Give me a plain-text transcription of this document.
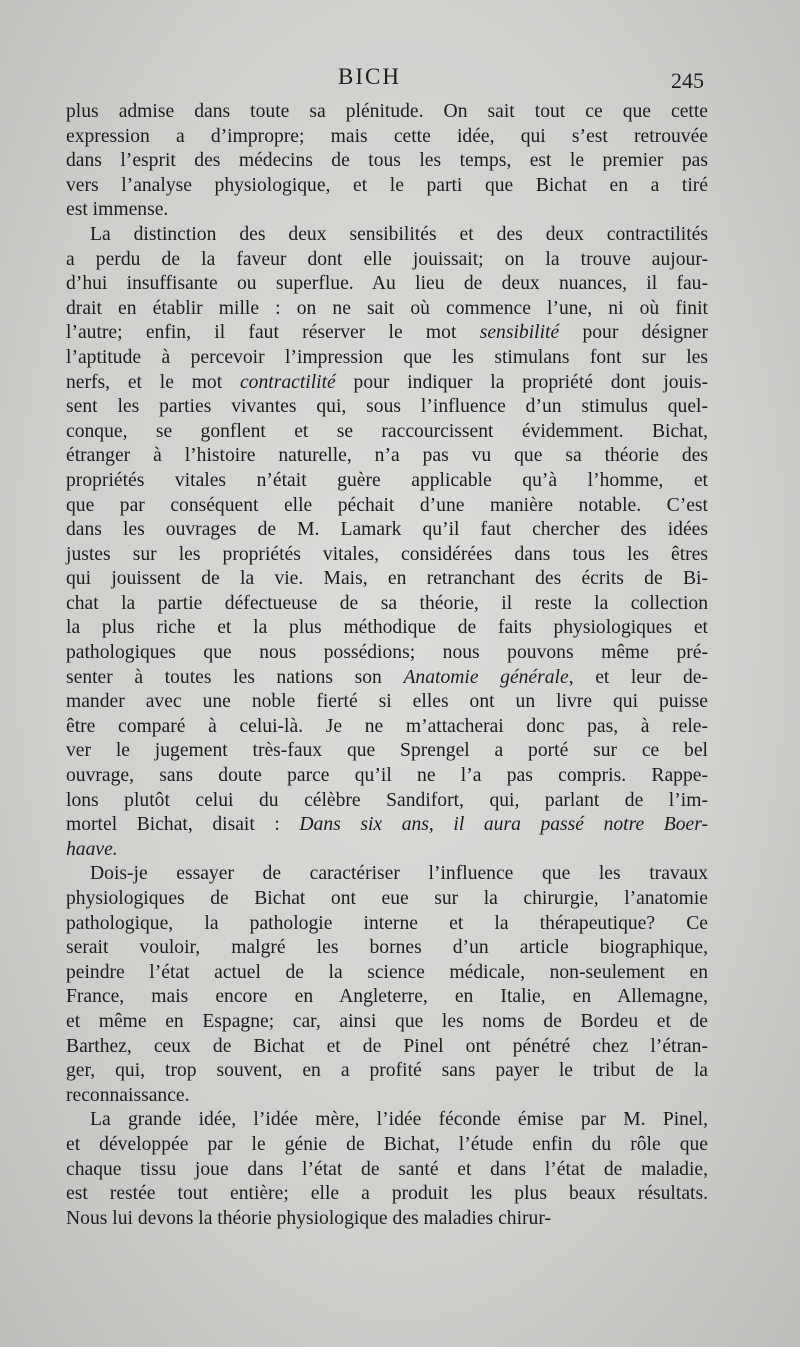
BICH	245

plus admise dans toute sa plénitude. On sait tout ce que cette
expression a d’impropre; mais cette idée, qui s’est retrouvée
dans l’esprit des médecins de tous les temps, est le premier pas
vers l’analyse physiologique, et le parti que Bichat en a tiré
est immense.

La distinction des deux sensibilités et des deux contractilités
a perdu de la faveur dont elle jouissait; on la trouve aujour-
d’hui insuffisante ou superflue. Au lieu de deux nuances, il fau-
drait en établir mille : on ne sait où commence l’une, ni où finit
l’autre; enfin, il faut réserver le mot sensibilité pour désigner
l’aptitude à percevoir l’impression que les stimulans font sur les
nerfs, et le mot contractilité pour indiquer la propriété dont jouis-
sent les parties vivantes qui, sous l’influence d’un stimulus quel-
conque, se gonflent et se raccourcissent évidemment. Bichat,
étranger à l’histoire naturelle, n’a pas vu que sa théorie des
propriétés vitales n’était guère applicable qu’à l’homme, et
que par conséquent elle péchait d’une manière notable. C’est
dans les ouvrages de M. Lamark qu’il faut chercher des idées
justes sur les propriétés vitales, considérées dans tous les êtres
qui jouissent de la vie. Mais, en retranchant des écrits de Bi-
chat la partie défectueuse de sa théorie, il reste la collection
la plus riche et la plus méthodique de faits physiologiques et
pathologiques que nous possédions; nous pouvons même pré-
senter à toutes les nations son Anatomie générale, et leur de-
mander avec une noble fierté si elles ont un livre qui puisse
être comparé à celui-là. Je ne m’attacherai donc pas, à rele-
ver le jugement très-faux que Sprengel a porté sur ce bel
ouvrage, sans doute parce qu’il ne l’a pas compris. Rappe-
lons plutôt celui du célèbre Sandifort, qui, parlant de l’im-
mortel Bichat, disait : Dans six ans, il aura passé notre Boer-
haave.

Dois-je essayer de caractériser l’influence que les travaux
physiologiques de Bichat ont eue sur la chirurgie, l’anatomie
pathologique, la pathologie interne et la thérapeutique? Ce
serait vouloir, malgré les bornes d’un article biographique,
peindre l’état actuel de la science médicale, non-seulement en
France, mais encore en Angleterre, en Italie, en Allemagne,
et même en Espagne; car, ainsi que les noms de Bordeu et de
Barthez, ceux de Bichat et de Pinel ont pénétré chez l’étran-
ger, qui, trop souvent, en a profité sans payer le tribut de la
reconnaissance.

La grande idée, l’idée mère, l’idée féconde émise par M. Pinel,
et développée par le génie de Bichat, l’étude enfin du rôle que
chaque tissu joue dans l’état de santé et dans l’état de maladie,
est restée tout entière; elle a produit les plus beaux résultats.
Nous lui devons la théorie physiologique des maladies chirur-
